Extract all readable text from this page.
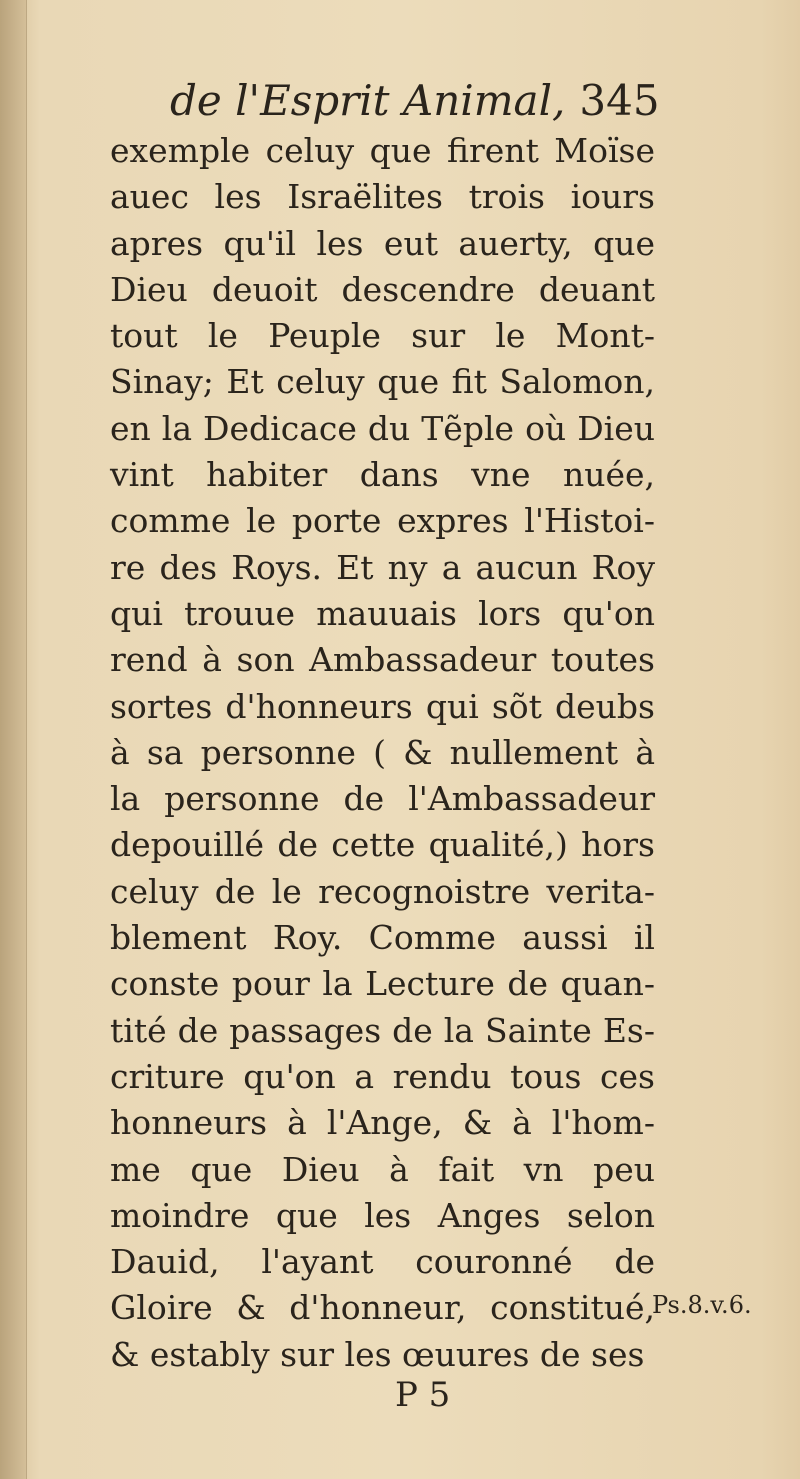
de l'Esprit Animal, 345
exemple celuy que firent Moïse
auec les Israëlites trois iours
apres qu'il les eut auerty, que
Dieu deuoit descendre deuant
tout le Peuple sur le Mont-
Sinay; Et celuy que fit Salomon,
en la Dedicace du Tẽple où Dieu
vint habiter dans vne nuée,
comme le porte expres l'Histoi-
re des Roys. Et ny a aucun Roy
qui trouue mauuais lors qu'on
rend à son Ambassadeur toutes
sortes d'honneurs qui sõt deubs
à sa personne ( & nullement à
la personne de l'Ambassadeur
depouillé de cette qualité,) hors
celuy de le recognoistre verita-
blement Roy. Comme aussi il
conste pour la Lecture de quan-
tité de passages de la Sainte Es-
criture qu'on a rendu tous ces
honneurs à l'Ange, & à l'hom-
me que Dieu à fait vn peu
moindre que les Anges selon
Dauid, l'ayant couronné de
Gloire & d'honneur, constitué,
& estably sur les œuures de ses
Ps.8.v.6.
P 5
